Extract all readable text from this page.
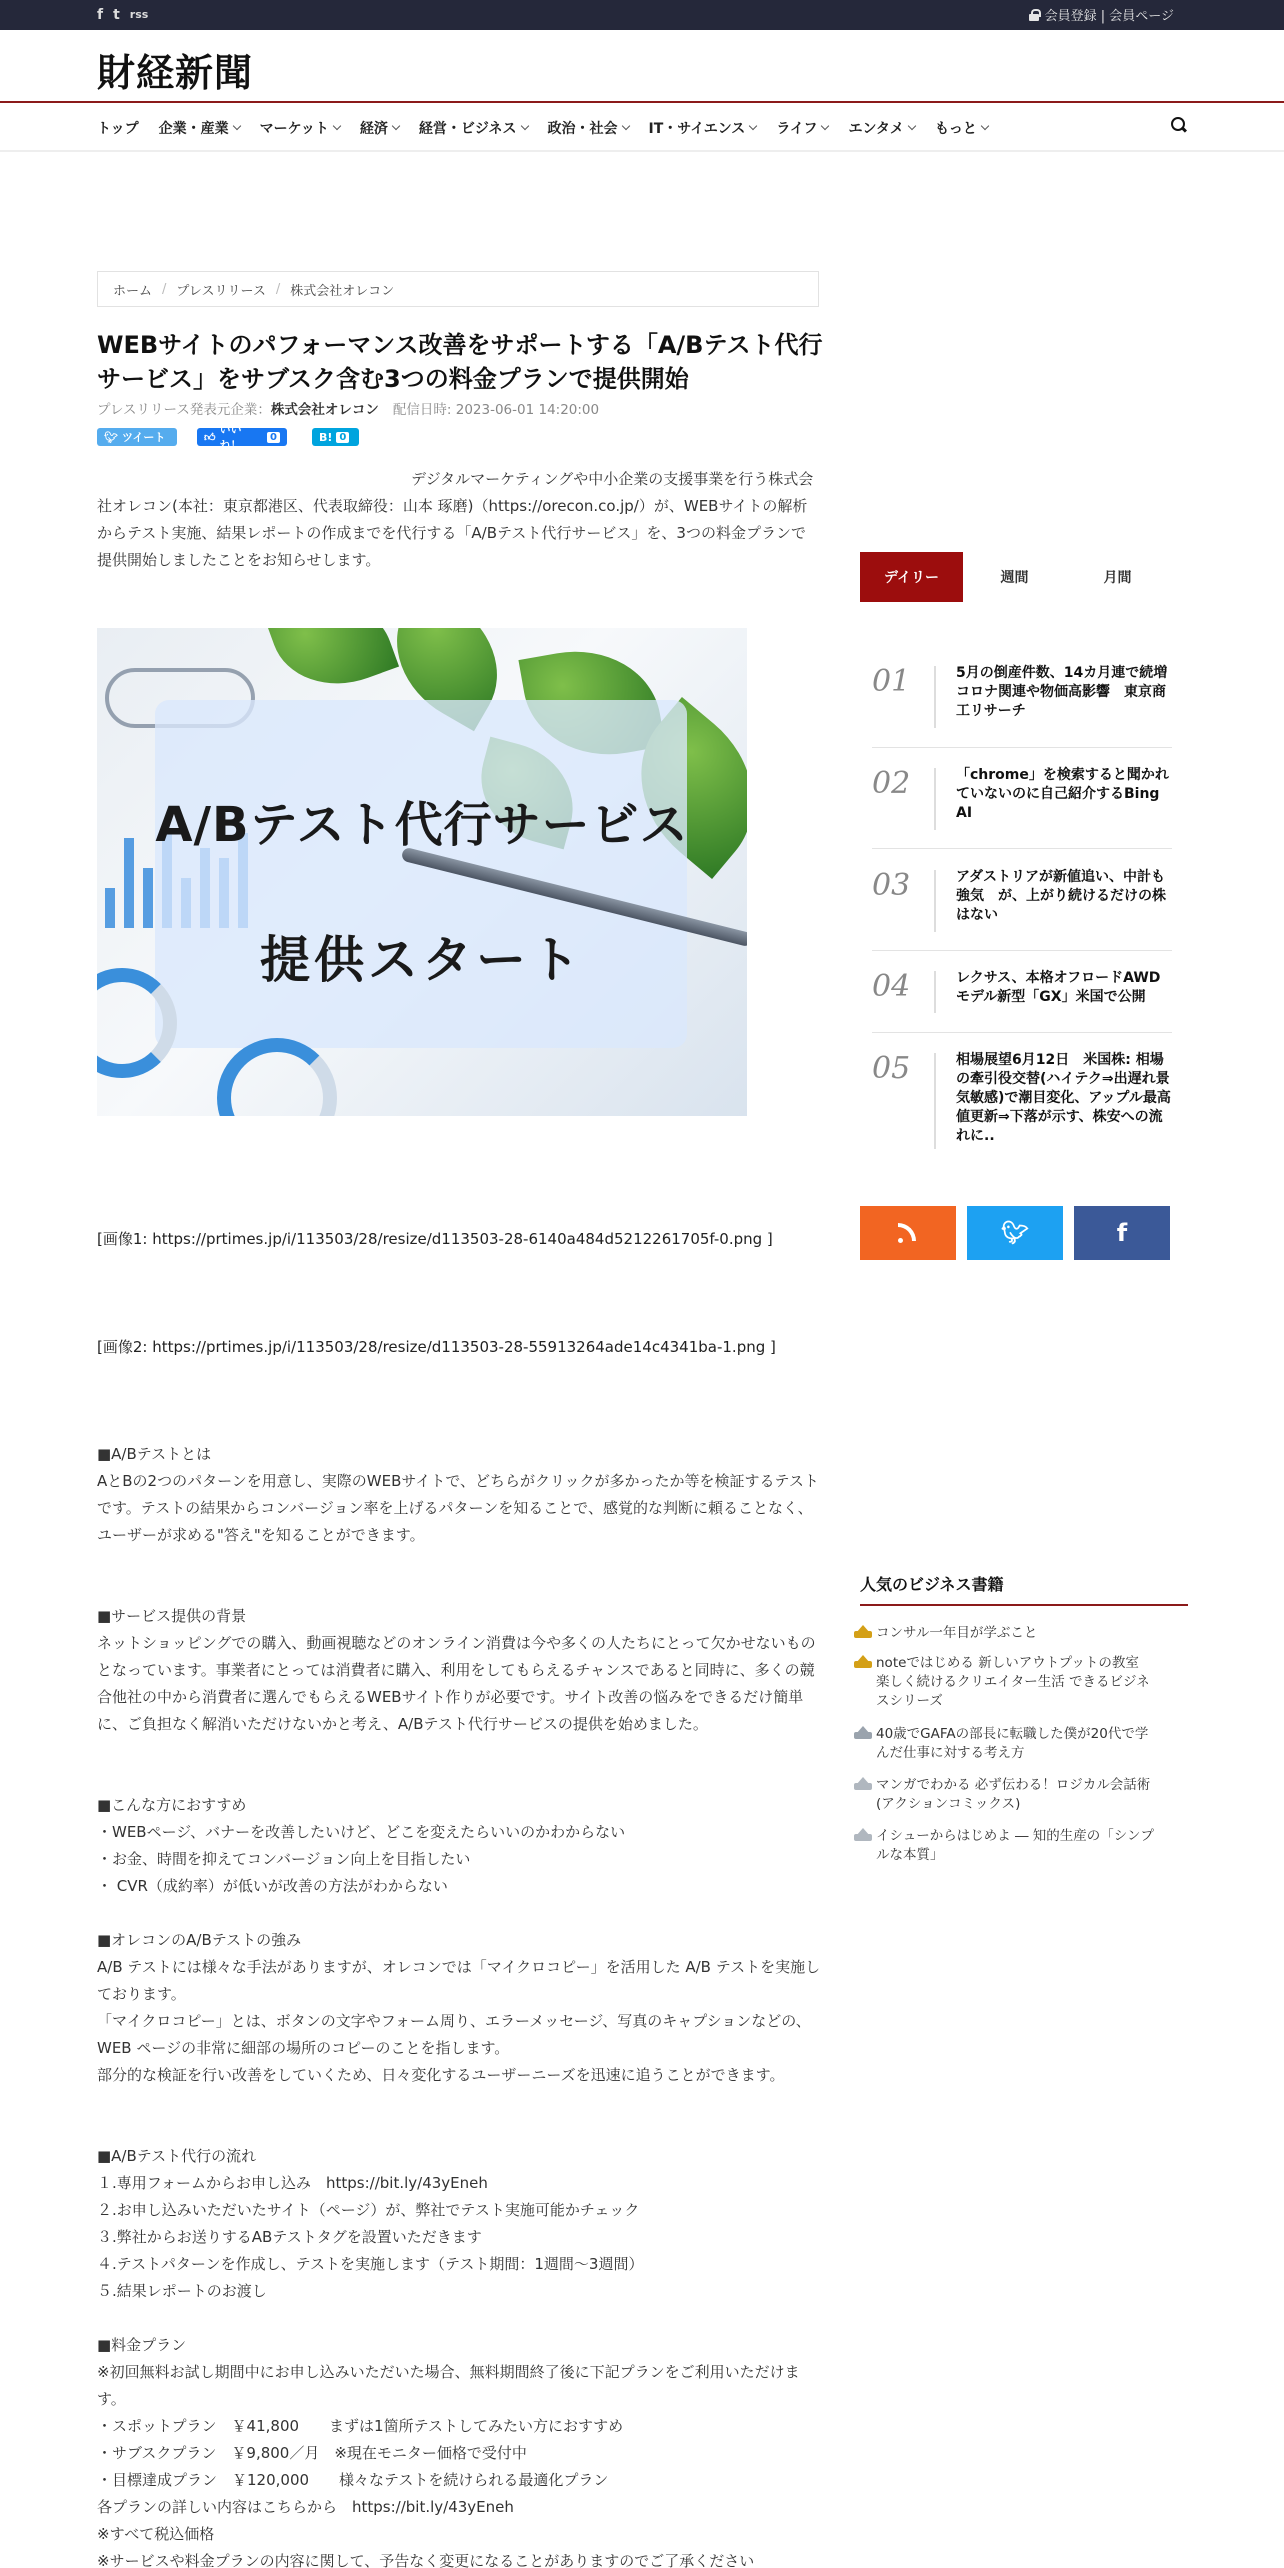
f t rss	会員登録 | 会員ページ
財経新聞
トップ 企業・産業 マーケット 経済 経営・ビジネス 政治・社会 IT・サイエンス ライフ エンタメ もっと
ホーム / プレスリリース / 株式会社オレコン
WEBサイトのパフォーマンス改善をサポートする「A/Bテスト代行サービス」をサブスク含む3つの料金プランで提供開始
プレスリリース発表元企業：株式会社オレコン 配信日時: 2023-06-01 14:20:00
🐦︎ ツイート	👍︎
いいね！
0	B! 0
デジタルマーケティングや中小企業の支援事業を行う株式会社オレコン(本社：東京都港区、代表取締役：山本 琢磨)（https://orecon.co.jp/）が、WEBサイトの解析からテスト実施、結果レポートの作成までを代行する「A/Bテスト代行サービス」を、3つの料金プランで提供開始しましたことをお知らせします。
A/Bテスト代行サービス
提供スタート
[画像1: https://prtimes.jp/i/113503/28/resize/d113503-28-6140a484d5212261705f-0.png ]
[画像2: https://prtimes.jp/i/113503/28/resize/d113503-28-55913264ade14c4341ba-1.png ]

■A/Bテストとは
AとBの2つのパターンを用意し、実際のWEBサイトで、どちらがクリックが多かったか等を検証するテストです。テストの結果からコンバージョン率を上げるパターンを知ることで、感覚的な判断に頼ることなく、ユーザーが求める"答え"を知ることができます。

■サービス提供の背景
ネットショッピングでの購入、動画視聴などのオンライン消費は今や多くの人たちにとって欠かせないものとなっています。事業者にとっては消費者に購入、利用をしてもらえるチャンスであると同時に、多くの競合他社の中から消費者に選んでもらえるWEBサイト作りが必要です。サイト改善の悩みをできるだけ簡単に、ご負担なく解消いただけないかと考え、A/Bテスト代行サービスの提供を始めました。

■こんな方におすすめ
・WEBページ、バナーを改善したいけど、どこを変えたらいいのかわからない
・お金、時間を抑えてコンバージョン向上を目指したい
・ CVR（成約率）が低いが改善の方法がわからない

■オレコンのA/Bテストの強み
A/B テストには様々な手法がありますが、オレコンでは「マイクロコピー」を活用した A/B テストを実施しております。
「マイクロコピー」とは、ボタンの文字やフォーム周り、エラーメッセージ、写真のキャプションなどの、WEB ページの非常に細部の場所のコピーのことを指します。
部分的な検証を行い改善をしていくため、日々変化するユーザーニーズを迅速に追うことができます。

■A/Bテスト代行の流れ
１.専用フォームからお申し込み　https://bit.ly/43yEneh
２.お申し込みいただいたサイト（ページ）が、弊社でテスト実施可能かチェック
３.弊社からお送りするABテストタグを設置いただきます
４.テストパターンを作成し、テストを実施します（テスト期間：1週間～3週間）
５.結果レポートのお渡し

■料金プラン
※初回無料お試し期間中にお申し込みいただいた場合、無料期間終了後に下記プランをご利用いただけます。
・スポットプラン　￥41,800　　まずは1箇所テストしてみたい方におすすめ
・サブスクプラン　￥9,800／月　※現在モニター価格で受付中
・目標達成プラン　￥120,000　　様々なテストを続けられる最適化プラン
各プランの詳しい内容はこちらから　https://bit.ly/43yEneh
※すべて税込価格
※サービスや料金プランの内容に関して、予告なく変更になることがありますのでご了承ください

デイリー	週間	月間
01	5月の倒産件数、14カ月連で続増　コロナ関連や物価高影響　東京商工リサーチ
02	「chrome」を検索すると聞かれていないのに自己紹介するBing AI
03	アダストリアが新値追い、中計も強気　が、上がり続けるだけの株はない
04	レクサス、本格オフロードAWDモデル新型「GX」米国で公開
05	相場展望6月12日　米国株: 相場の牽引役交替(ハイテク⇒出遅れ景気敏感)で潮目変化、アップル最高値更新⇒下落が示す、株安への流れに..
🐦︎	f
人気のビジネス書籍
コンサル一年目が学ぶこと
noteではじめる 新しいアウトプットの教室 楽しく続けるクリエイター生活 できるビジネスシリーズ
40歳でGAFAの部長に転職した僕が20代で学んだ仕事に対する考え方
マンガでわかる 必ず伝わる！ロジカル会話術 (アクションコミックス)
イシューからはじめよ ― 知的生産の「シンプルな本質」
